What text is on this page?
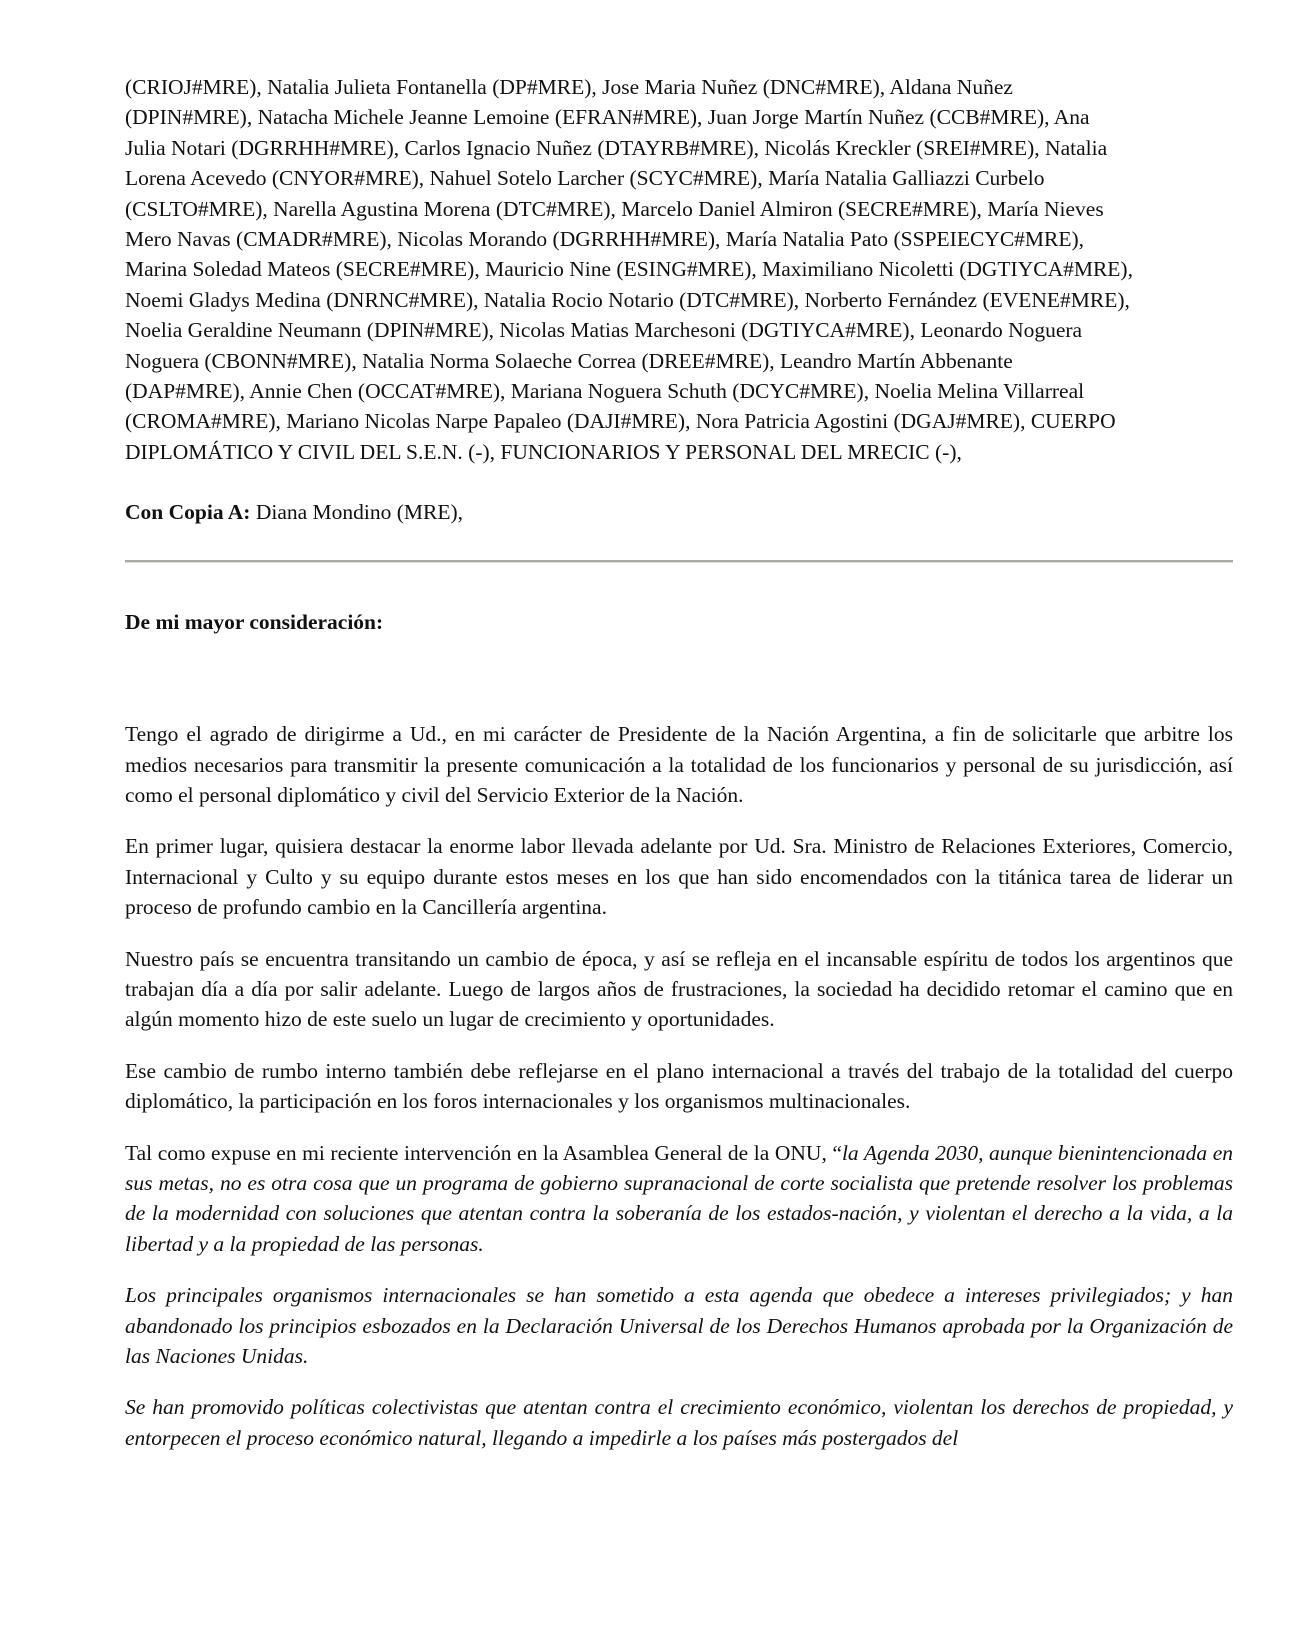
(CRIOJ#MRE), Natalia Julieta Fontanella (DP#MRE), Jose Maria Nuñez (DNC#MRE), Aldana Nuñez

(DPIN#MRE), Natacha Michele Jeanne Lemoine (EFRAN#MRE), Juan Jorge Martín Nuñez (CCB#MRE), Ana

Julia Notari (DGRRHH#MRE), Carlos Ignacio Nuñez (DTAYRB#MRE), Nicolás Kreckler (SREI#MRE), Natalia

Lorena Acevedo (CNYOR#MRE), Nahuel Sotelo Larcher (SCYC#MRE), María Natalia Galliazzi Curbelo

(CSLTO#MRE), Narella Agustina Morena (DTC#MRE), Marcelo Daniel Almiron (SECRE#MRE), María Nieves

Mero Navas (CMADR#MRE), Nicolas Morando (DGRRHH#MRE), María Natalia Pato (SSPEIECYC#MRE),

Marina Soledad Mateos (SECRE#MRE), Mauricio Nine (ESING#MRE), Maximiliano Nicoletti (DGTIYCA#MRE),

Noemi Gladys Medina (DNRNC#MRE), Natalia Rocio Notario (DTC#MRE), Norberto Fernández (EVENE#MRE),

Noelia Geraldine Neumann (DPIN#MRE), Nicolas Matias Marchesoni (DGTIYCA#MRE), Leonardo Noguera

Noguera (CBONN#MRE), Natalia Norma Solaeche Correa (DREE#MRE), Leandro Martín Abbenante

(DAP#MRE), Annie Chen (OCCAT#MRE), Mariana Noguera Schuth (DCYC#MRE), Noelia Melina Villarreal

(CROMA#MRE), Mariano Nicolas Narpe Papaleo (DAJI#MRE), Nora Patricia Agostini (DGAJ#MRE), CUERPO

DIPLOMÁTICO Y CIVIL DEL S.E.N. (-), FUNCIONARIOS Y PERSONAL DEL MRECIC (-),

Con Copia A: Diana Mondino (MRE),

De mi mayor consideración:

Tengo el agrado de dirigirme a Ud., en mi carácter de Presidente de la Nación Argentina, a fin de solicitarle que arbitre los medios necesarios para transmitir la presente comunicación a la totalidad de los funcionarios y personal de su jurisdicción, así como el personal diplomático y civil del Servicio Exterior de la Nación.

En primer lugar, quisiera destacar la enorme labor llevada adelante por Ud. Sra. Ministro de Relaciones Exteriores, Comercio, Internacional y Culto y su equipo durante estos meses en los que han sido encomendados con la titánica tarea de liderar un proceso de profundo cambio en la Cancillería argentina.

Nuestro país se encuentra transitando un cambio de época, y así se refleja en el incansable espíritu de todos los argentinos que trabajan día a día por salir adelante. Luego de largos años de frustraciones, la sociedad ha decidido retomar el camino que en algún momento hizo de este suelo un lugar de crecimiento y oportunidades.

Ese cambio de rumbo interno también debe reflejarse en el plano internacional a través del trabajo de la totalidad del cuerpo diplomático, la participación en los foros internacionales y los organismos multinacionales.

Tal como expuse en mi reciente intervención en la Asamblea General de la ONU, “la Agenda 2030, aunque bienintencionada en sus metas, no es otra cosa que un programa de gobierno supranacional de corte socialista que pretende resolver los problemas de la modernidad con soluciones que atentan contra la soberanía de los estados-nación, y violentan el derecho a la vida, a la libertad y a la propiedad de las personas.

Los principales organismos internacionales se han sometido a esta agenda que obedece a intereses privilegiados; y han abandonado los principios esbozados en la Declaración Universal de los Derechos Humanos aprobada por la Organización de las Naciones Unidas.

Se han promovido políticas colectivistas que atentan contra el crecimiento económico, violentan los derechos de propiedad, y entorpecen el proceso económico natural, llegando a impedirle a los países más postergados del
